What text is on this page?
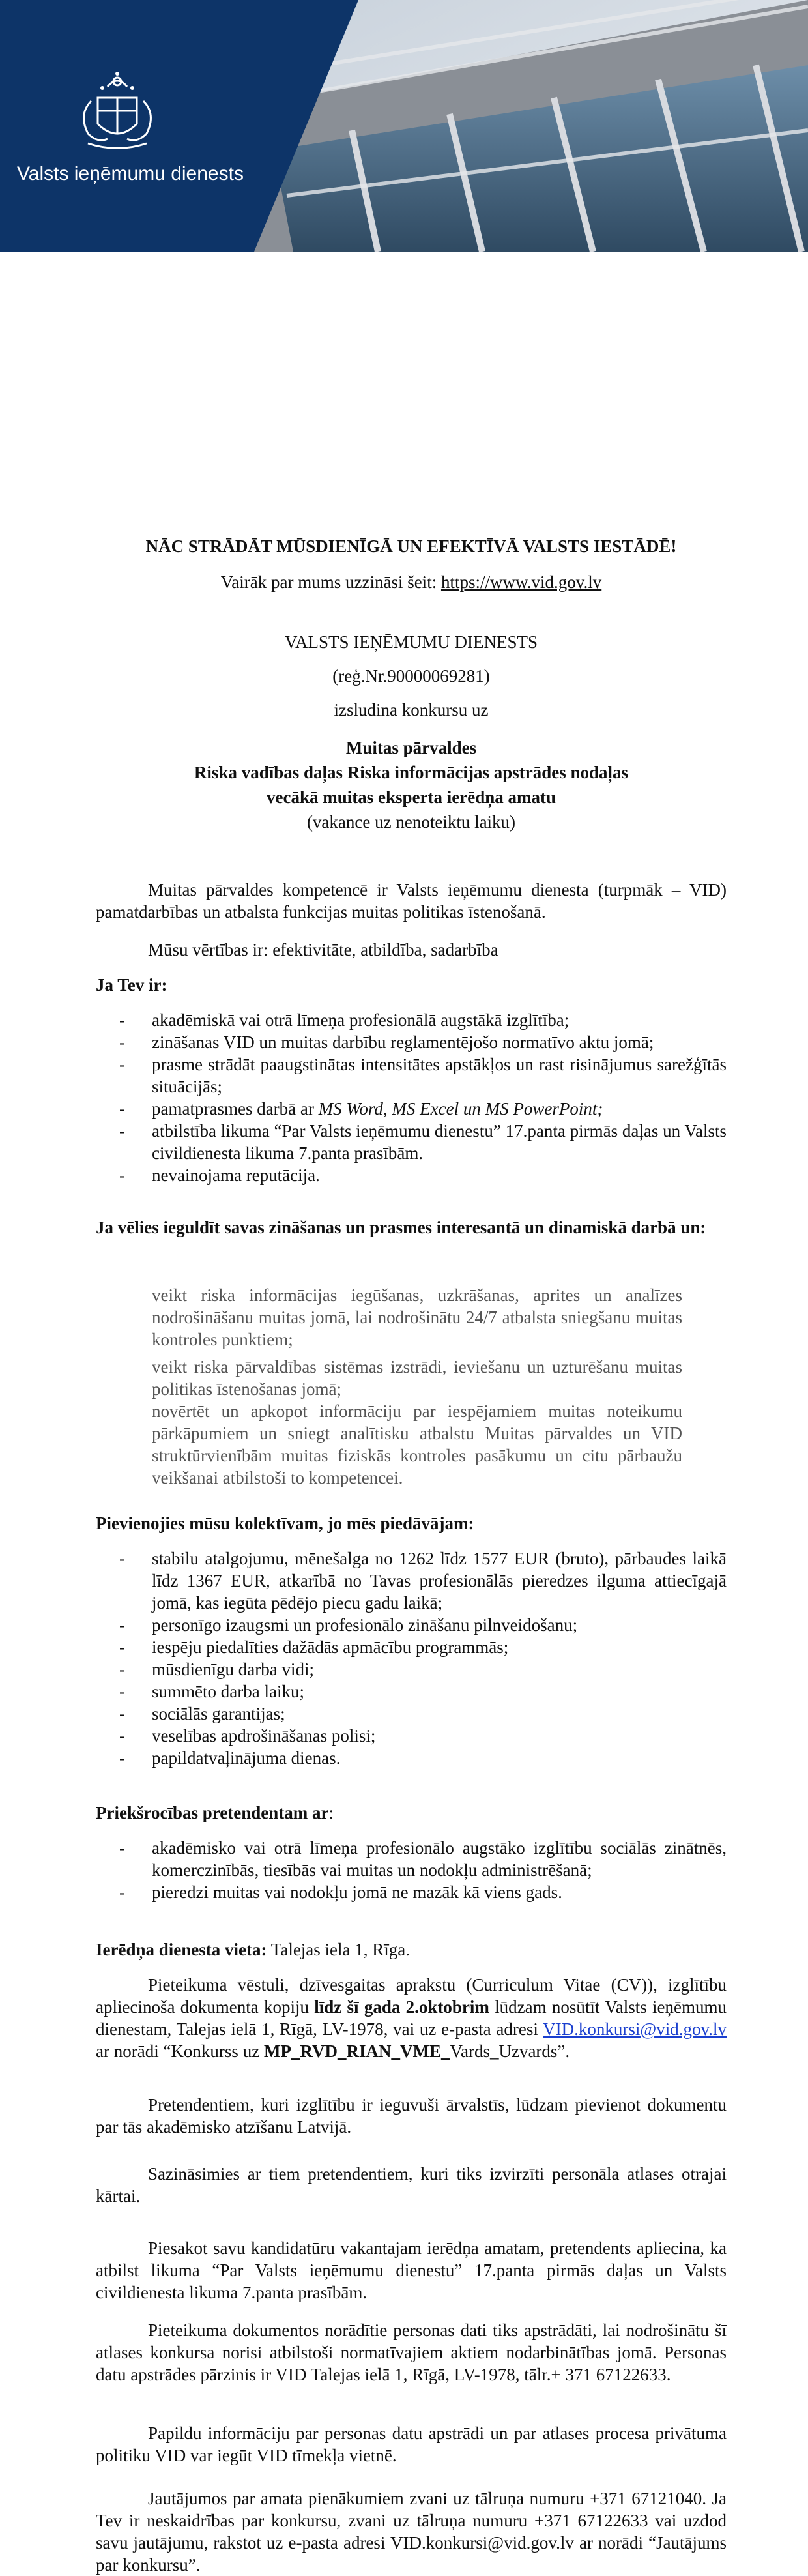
Valsts ieņēmumu dienests
NĀC STRĀDĀT MŪSDIENĪGĀ UN EFEKTĪVĀ VALSTS IESTĀDĒ!
Vairāk par mums uzzināsi šeit: https://www.vid.gov.lv
VALSTS IEŅĒMUMU DIENESTS
(reģ.Nr.90000069281)
izsludina konkursu uz
Muitas pārvaldes
Riska vadības daļas Riska informācijas apstrādes nodaļas
vecākā muitas eksperta ierēdņa amatu
(vakance uz nenoteiktu laiku)
Muitas pārvaldes kompetencē ir Valsts ieņēmumu dienesta (turpmāk – VID) pamatdarbības un atbalsta funkcijas muitas politikas īstenošanā.
Mūsu vērtības ir: efektivitāte, atbildība, sadarbība
Ja Tev ir:
- akadēmiskā vai otrā līmeņa profesionālā augstākā izglītība;
- zināšanas VID un muitas darbību reglamentējošo normatīvo aktu jomā;
- prasme strādāt paaugstinātas intensitātes apstākļos un rast risinājumus sarežģītās situācijās;
- pamatprasmes darbā ar MS Word, MS Excel un MS PowerPoint;
- atbilstība likuma “Par Valsts ieņēmumu dienestu” 17.panta pirmās daļas un Valsts civildienesta likuma 7.panta prasībām.
- nevainojama reputācija.
Ja vēlies ieguldīt savas zināšanas un prasmes interesantā un dinamiskā darbā un:
– veikt riska informācijas iegūšanas, uzkrāšanas, aprites un analīzes nodrošināšanu muitas jomā, lai nodrošinātu 24/7 atbalsta sniegšanu muitas kontroles punktiem;
– veikt riska pārvaldības sistēmas izstrādi, ieviešanu un uzturēšanu muitas politikas īstenošanas jomā;
– novērtēt un apkopot informāciju par iespējamiem muitas noteikumu pārkāpumiem un sniegt analītisku atbalstu Muitas pārvaldes un VID struktūrvienībām muitas fiziskās kontroles pasākumu un citu pārbaužu veikšanai atbilstoši to kompetencei.
Pievienojies mūsu kolektīvam, jo mēs piedāvājam:
- stabilu atalgojumu, mēnešalga no 1262 līdz 1577 EUR (bruto), pārbaudes laikā līdz 1367 EUR, atkarībā no Tavas profesionālās pieredzes ilguma attiecīgajā jomā, kas iegūta pēdējo piecu gadu laikā;
- personīgo izaugsmi un profesionālo zināšanu pilnveidošanu;
- iespēju piedalīties dažādās apmācību programmās;
- mūsdienīgu darba vidi;
- summēto darba laiku;
- sociālās garantijas;
- veselības apdrošināšanas polisi;
- papildatvaļinājuma dienas.
Priekšrocības pretendentam ar:
- akadēmisko vai otrā līmeņa profesionālo augstāko izglītību sociālās zinātnēs, komerczinībās, tiesībās vai muitas un nodokļu administrēšanā;
- pieredzi muitas vai nodokļu jomā ne mazāk kā viens gads.
Ierēdņa dienesta vieta: Talejas iela 1, Rīga.
Pieteikuma vēstuli, dzīvesgaitas aprakstu (Curriculum Vitae (CV)), izglītību apliecinoša dokumenta kopiju līdz šī gada 2.oktobrim lūdzam nosūtīt Valsts ieņēmumu dienestam, Talejas ielā 1, Rīgā, LV-1978, vai uz e-pasta adresi VID.konkursi@vid.gov.lv ar norādi “Konkurss uz MP_RVD_RIAN_VME_Vards_Uzvards”.
Pretendentiem, kuri izglītību ir ieguvuši ārvalstīs, lūdzam pievienot dokumentu par tās akadēmisko atzīšanu Latvijā.
Sazināsimies ar tiem pretendentiem, kuri tiks izvirzīti personāla atlases otrajai kārtai.
Piesakot savu kandidatūru vakantajam ierēdņa amatam, pretendents apliecina, ka atbilst likuma “Par Valsts ieņēmumu dienestu” 17.panta pirmās daļas un Valsts civildienesta likuma 7.panta prasībām.
Pieteikuma dokumentos norādītie personas dati tiks apstrādāti, lai nodrošinātu šī atlases konkursa norisi atbilstoši normatīvajiem aktiem nodarbinātības jomā. Personas datu apstrādes pārzinis ir VID Talejas ielā 1, Rīgā, LV-1978, tālr.+ 371 67122633.
Papildu informāciju par personas datu apstrādi un par atlases procesa privātuma politiku VID var iegūt VID tīmekļa vietnē.
Jautājumos par amata pienākumiem zvani uz tālruņa numuru +371 67121040. Ja Tev ir neskaidrības par konkursu, zvani uz tālruņa numuru +371 67122633 vai uzdod savu jautājumu, rakstot uz e-pasta adresi VID.konkursi@vid.gov.lv ar norādi “Jautājums par konkursu”.
